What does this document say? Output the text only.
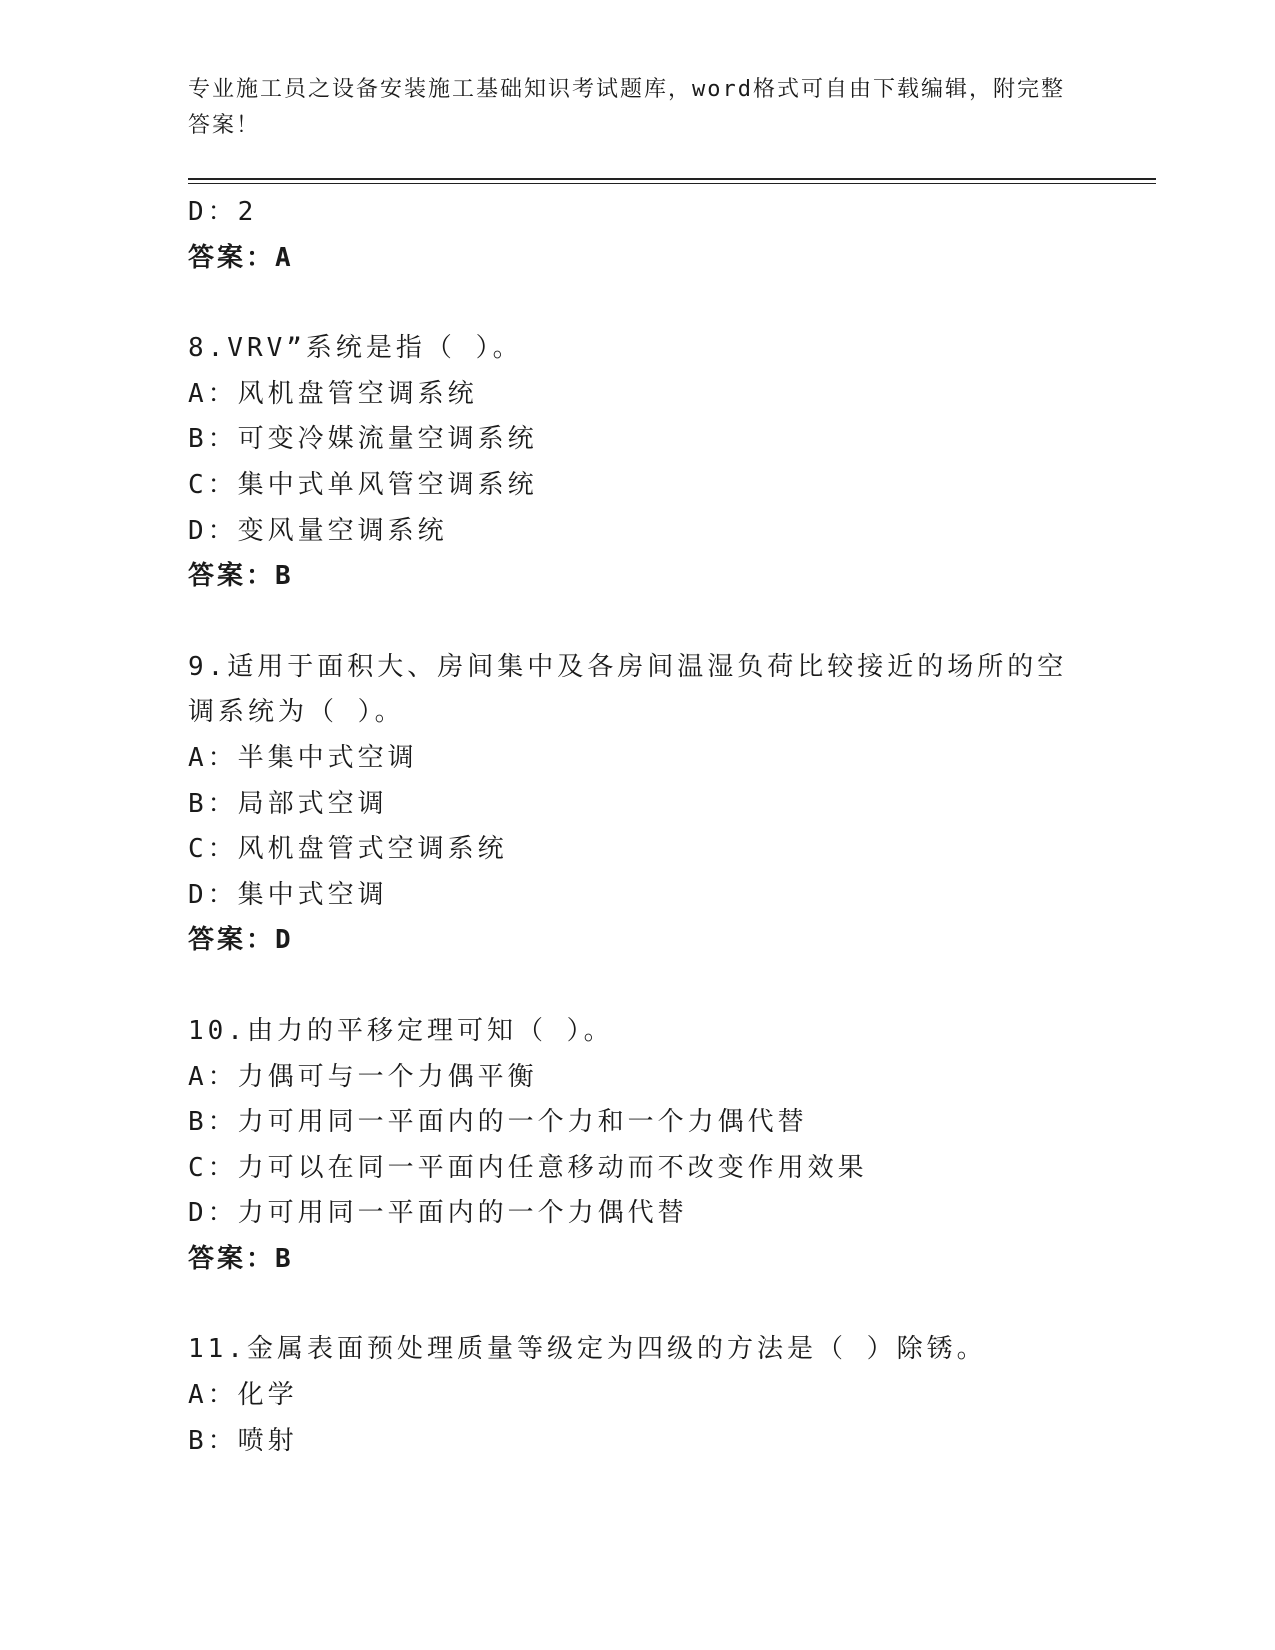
专业施工员之设备安装施工基础知识考试题库，word格式可自由下载编辑，附完整答案！
D：2
答案：A
8.VRV”系统是指（ ）。
A：风机盘管空调系统
B：可变冷媒流量空调系统
C：集中式单风管空调系统
D：变风量空调系统
答案：B
9.适用于面积大、房间集中及各房间温湿负荷比较接近的场所的空调系统为（ ）。
A：半集中式空调
B：局部式空调
C：风机盘管式空调系统
D：集中式空调
答案：D
10.由力的平移定理可知（ ）。
A：力偶可与一个力偶平衡
B：力可用同一平面内的一个力和一个力偶代替
C：力可以在同一平面内任意移动而不改变作用效果
D：力可用同一平面内的一个力偶代替
答案：B
11.金属表面预处理质量等级定为四级的方法是（ ）除锈。
A：化学
B：喷射
